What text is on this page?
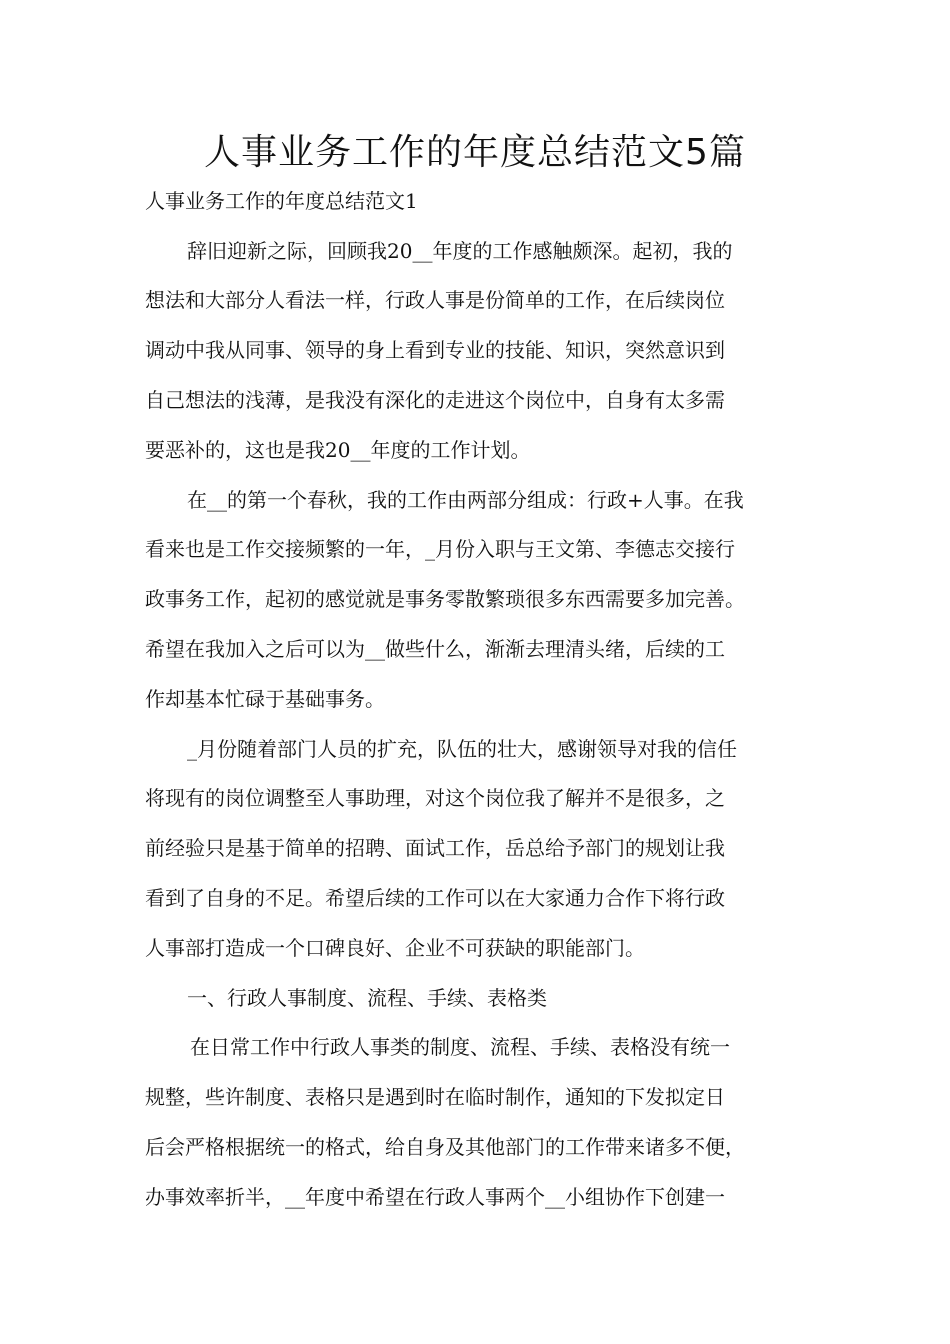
人事业务工作的年度总结范文5篇
人事业务工作的年度总结范文1
辞旧迎新之际，回顾我20__年度的工作感触颇深。起初，我的
想法和大部分人看法一样，行政人事是份简单的工作，在后续岗位
调动中我从同事、领导的身上看到专业的技能、知识，突然意识到
自己想法的浅薄，是我没有深化的走进这个岗位中，自身有太多需
要恶补的，这也是我20__年度的工作计划。
在__的第一个春秋，我的工作由两部分组成：行政+人事。在我
看来也是工作交接频繁的一年，_月份入职与王文第、李德志交接行
政事务工作，起初的感觉就是事务零散繁琐很多东西需要多加完善。
希望在我加入之后可以为__做些什么，渐渐去理清头绪，后续的工
作却基本忙碌于基础事务。
_月份随着部门人员的扩充，队伍的壮大，感谢领导对我的信任
将现有的岗位调整至人事助理，对这个岗位我了解并不是很多，之
前经验只是基于简单的招聘、面试工作，岳总给予部门的规划让我
看到了自身的不足。希望后续的工作可以在大家通力合作下将行政
人事部打造成一个口碑良好、企业不可获缺的职能部门。
一、行政人事制度、流程、手续、表格类
在日常工作中行政人事类的制度、流程、手续、表格没有统一
规整，些许制度、表格只是遇到时在临时制作，通知的下发拟定日
后会严格根据统一的格式，给自身及其他部门的工作带来诸多不便，
办事效率折半，__年度中希望在行政人事两个__小组协作下创建一
